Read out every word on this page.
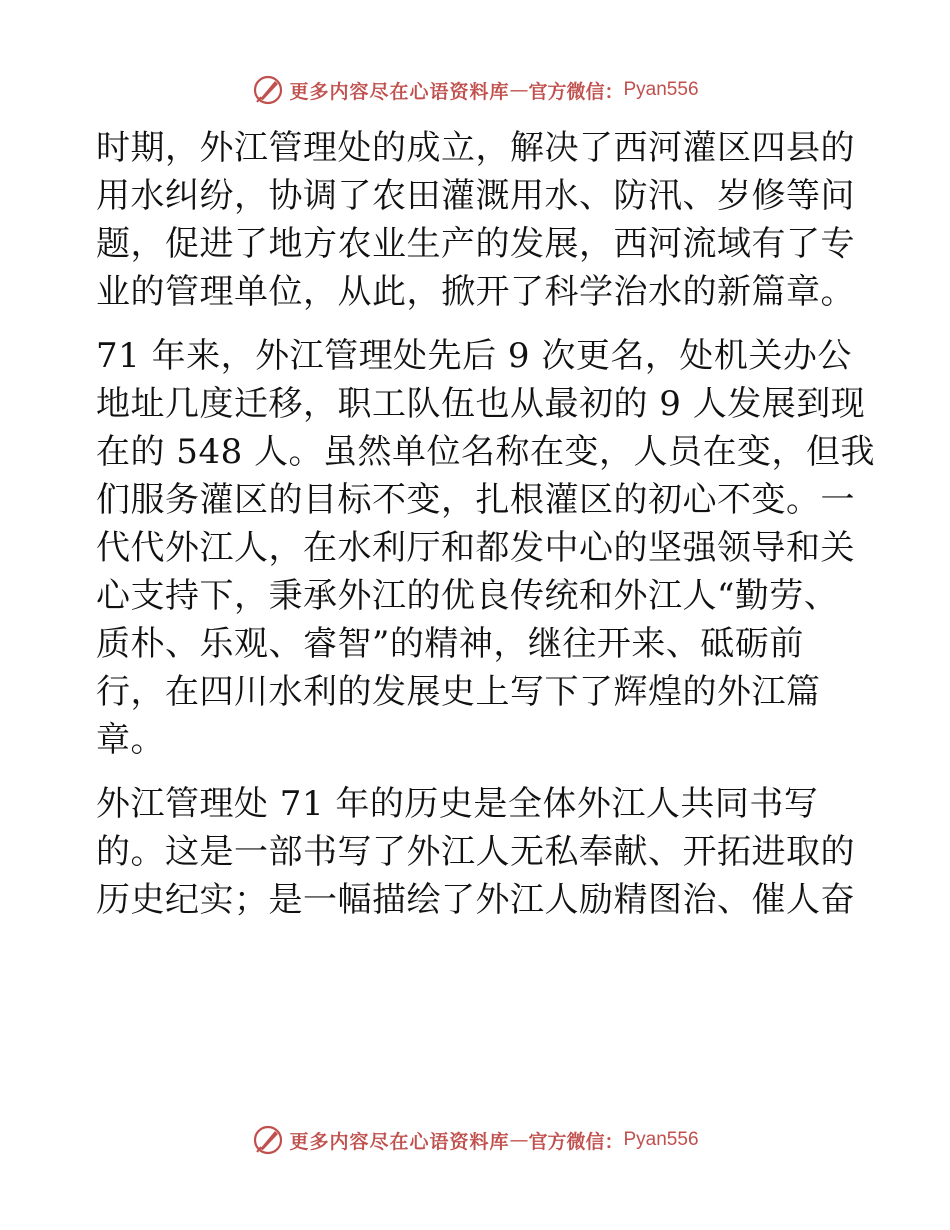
更多内容尽在心语资料库 — 官方微信： Pyan556
时期，外江管理处的成立，解决了西河灌区四县的
用水纠纷，协调了农田灌溉用水、防汛、岁修等问
题，促进了地方农业生产的发展，西河流域有了专
业的管理单位，从此，掀开了科学治水的新篇章。
71 年来，外江管理处先后 9 次更名，处机关办公
地址几度迁移，职工队伍也从最初的 9 人发展到现
在的 548 人。虽然单位名称在变，人员在变，但我
们服务灌区的目标不变，扎根灌区的初心不变。一
代代外江人，在水利厅和都发中心的坚强领导和关
心支持下，秉承外江的优良传统和外江人“勤劳、
质朴、乐观、睿智”的精神，继往开来、砥砺前
行，在四川水利的发展史上写下了辉煌的外江篇
章。
外江管理处 71 年的历史是全体外江人共同书写
的。这是一部书写了外江人无私奉献、开拓进取的
历史纪实；是一幅描绘了外江人励精图治、催人奋
更多内容尽在心语资料库 — 官方微信： Pyan556
